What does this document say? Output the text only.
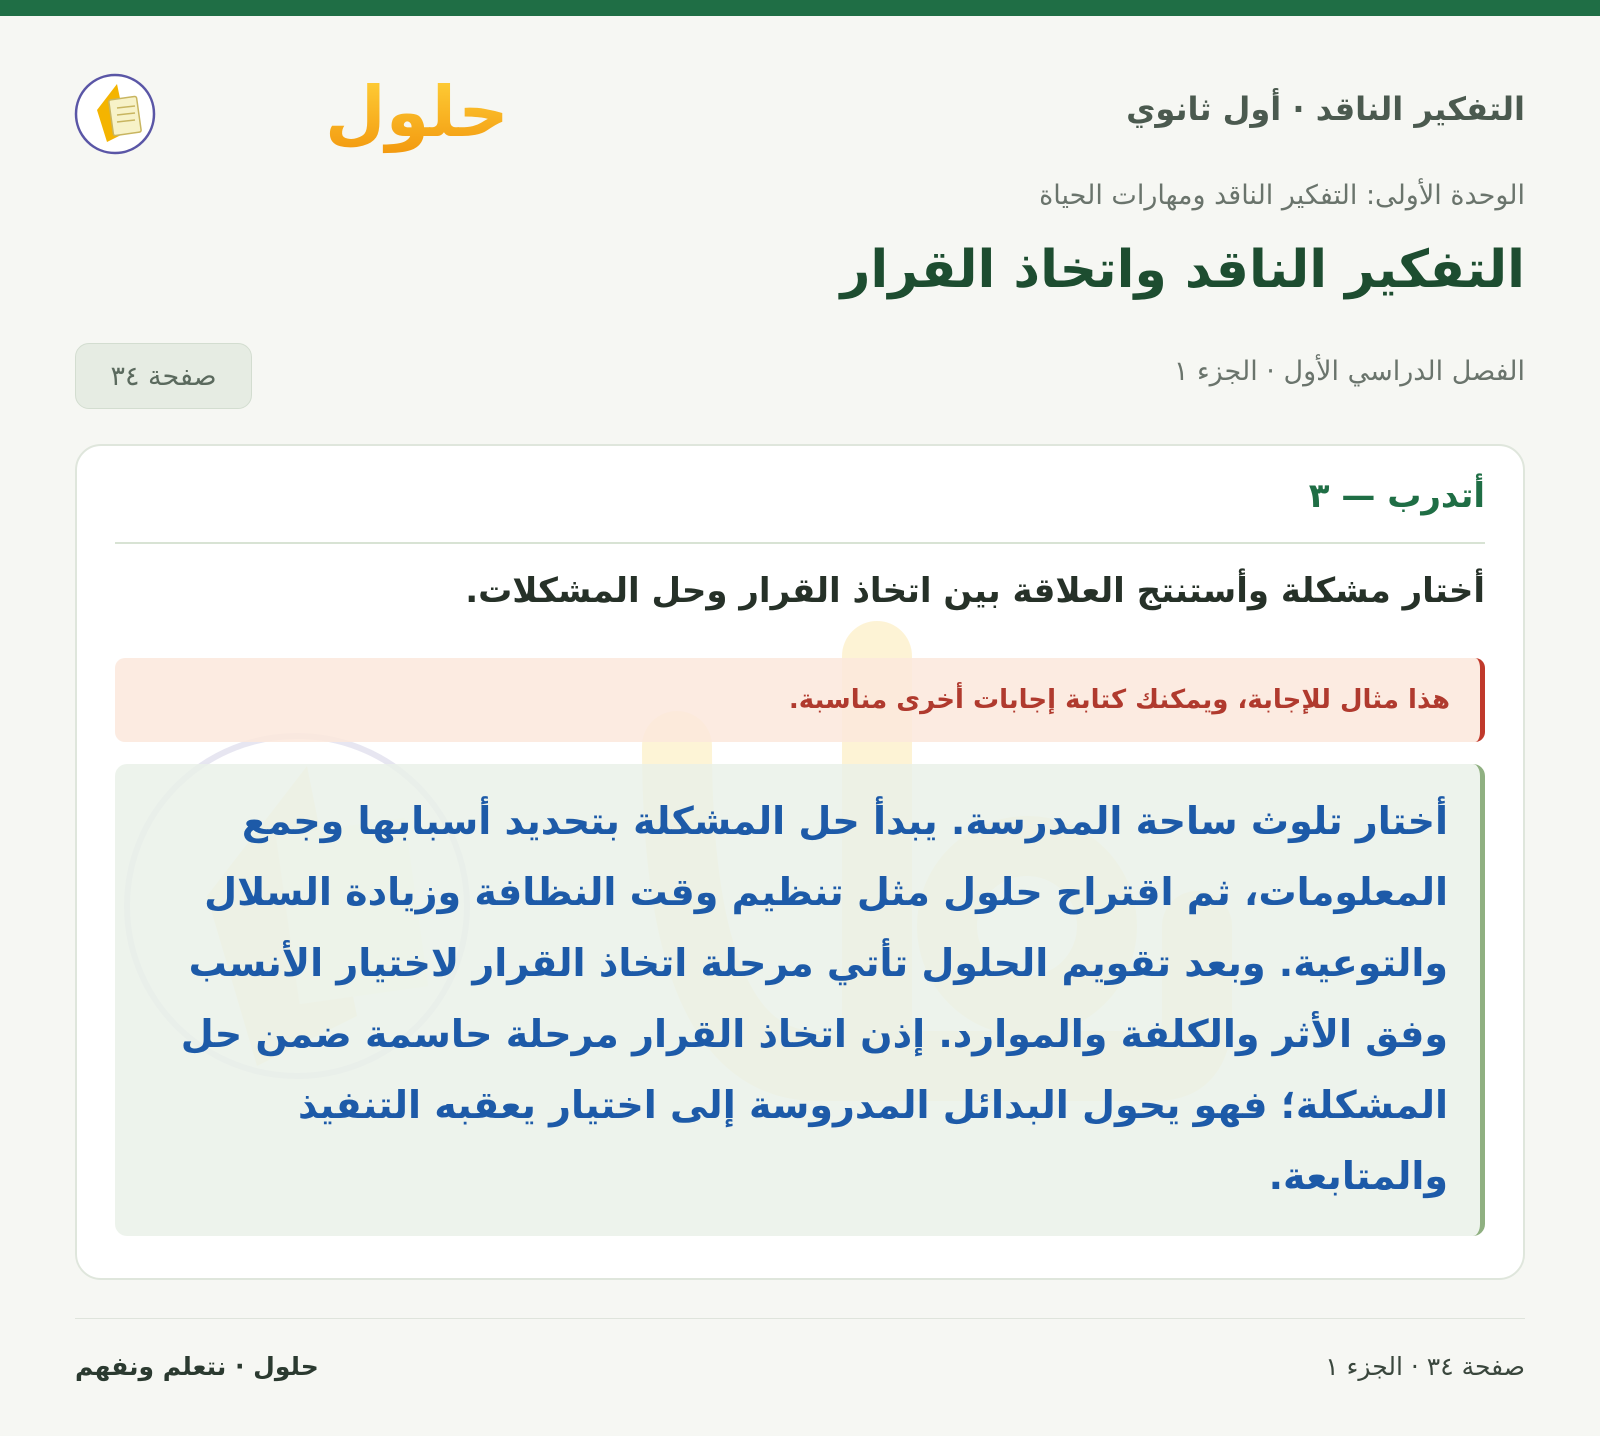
التفكير الناقد · أول ثانوي
حلول
الوحدة الأولى: التفكير الناقد ومهارات الحياة
التفكير الناقد واتخاذ القرار
الفصل الدراسي الأول · الجزء ١
صفحة ٣٤
أتدرب — ٣
أختار مشكلة وأستنتج العلاقة بين اتخاذ القرار وحل المشكلات.
هذا مثال للإجابة، ويمكنك كتابة إجابات أخرى مناسبة.
أختار تلوث ساحة المدرسة. يبدأ حل المشكلة بتحديد أسبابها وجمع المعلومات، ثم اقتراح حلول مثل تنظيم وقت النظافة وزيادة السلال والتوعية. وبعد تقويم الحلول تأتي مرحلة اتخاذ القرار لاختيار الأنسب وفق الأثر والكلفة والموارد. إذن اتخاذ القرار مرحلة حاسمة ضمن حل المشكلة؛ فهو يحول البدائل المدروسة إلى اختيار يعقبه التنفيذ والمتابعة.
حلول · نتعلم ونفهم	صفحة ٣٤ · الجزء ١
